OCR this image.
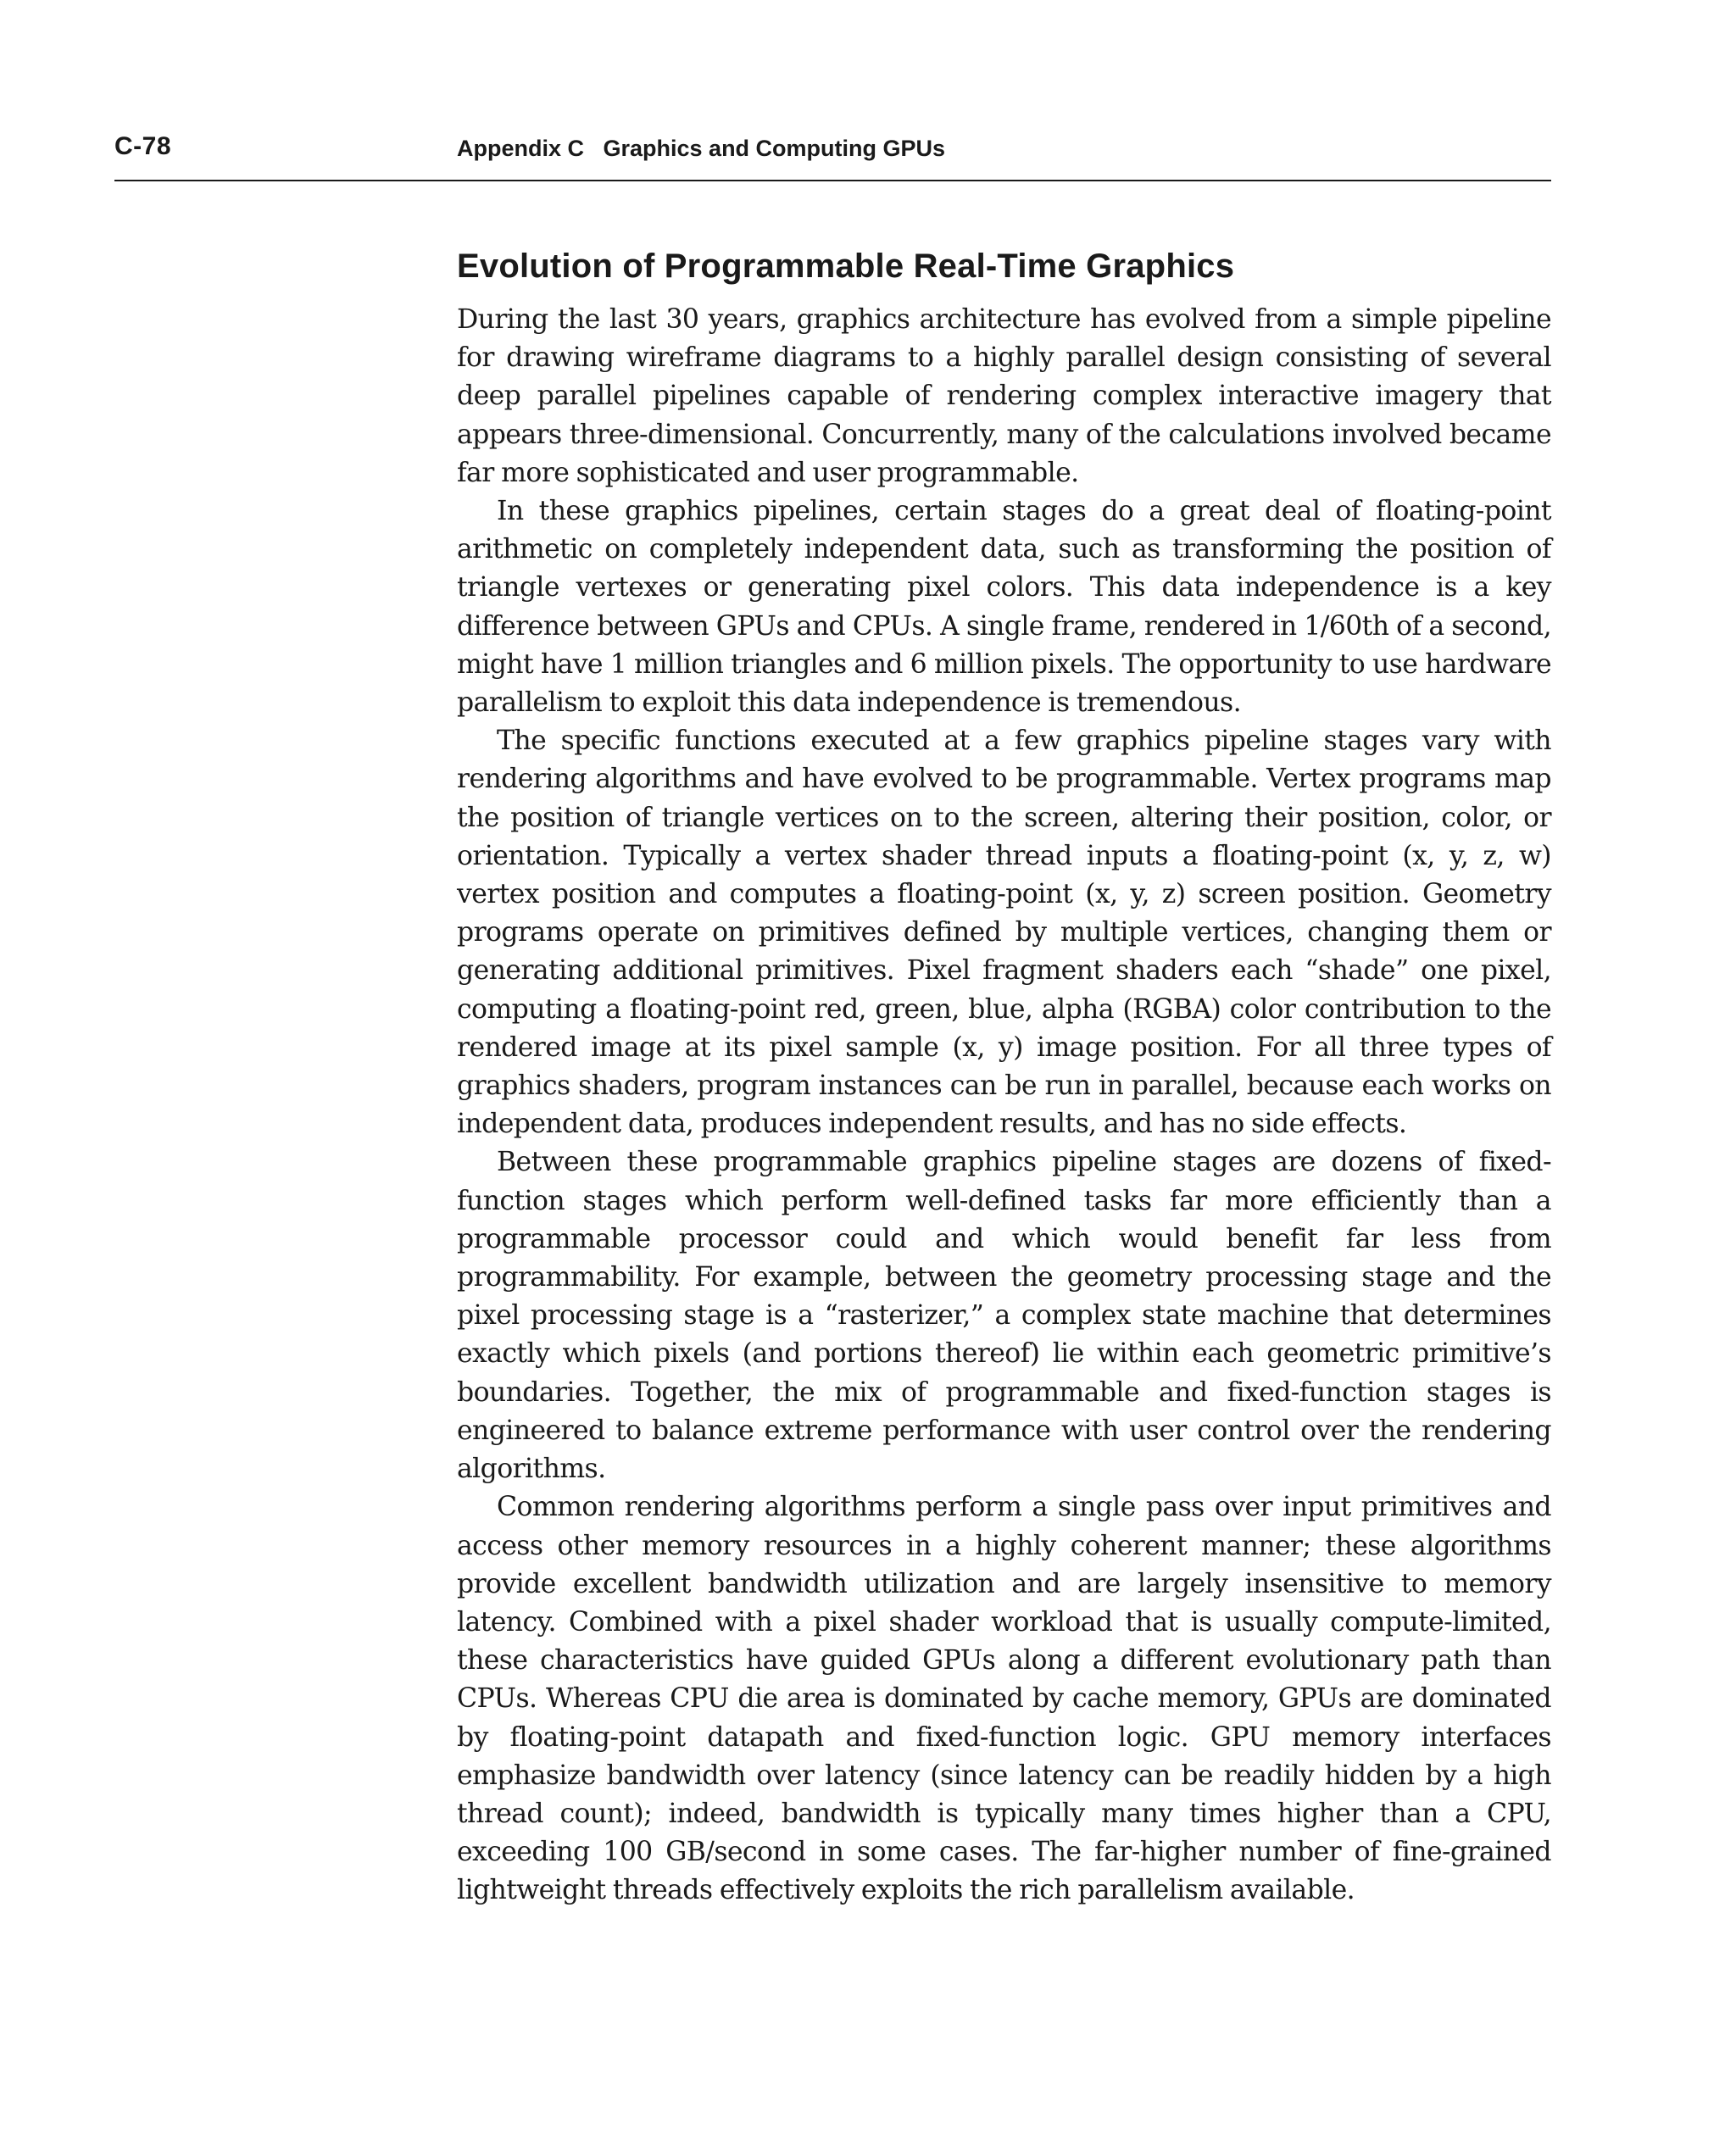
C-78	Appendix C   Graphics and Computing GPUs
Evolution of Programmable Real-Time Graphics

During the last 30 years, graphics architecture has evolved from a simple pipeline for drawing wireframe diagrams to a highly parallel design consisting of several deep parallel pipelines capable of rendering complex interactive imagery that appears three-dimensional. Concurrently, many of the calculations involved became far more sophisticated and user programmable.

In these graphics pipelines, certain stages do a great deal of floating-point arithmetic on completely independent data, such as transforming the position of triangle vertexes or generating pixel colors. This data independence is a key difference between GPUs and CPUs. A single frame, rendered in 1/60th of a second, might have 1 million triangles and 6 million pixels. The opportunity to use hardware parallelism to exploit this data independence is tremendous.

The specific functions executed at a few graphics pipeline stages vary with rendering algorithms and have evolved to be programmable. Vertex programs map the position of triangle vertices on to the screen, altering their position, color, or orientation. Typically a vertex shader thread inputs a floating-point (x, y, z, w) vertex position and computes a floating-point (x, y, z) screen position. Geometry programs operate on primitives defined by multiple vertices, changing them or generating additional primitives. Pixel fragment shaders each “shade” one pixel, computing a floating-point red, green, blue, alpha (RGBA) color contribution to the rendered image at its pixel sample (x, y) image position. For all three types of graphics shaders, program instances can be run in parallel, because each works on independent data, produces independent results, and has no side effects.

Between these programmable graphics pipeline stages are dozens of fixed-function stages which perform well-defined tasks far more efficiently than a programmable processor could and which would benefit far less from programmability. For example, between the geometry processing stage and the pixel processing stage is a “rasterizer,” a complex state machine that determines exactly which pixels (and portions thereof) lie within each geometric primitive’s boundaries. Together, the mix of programmable and fixed-function stages is engineered to balance extreme performance with user control over the rendering algorithms.

Common rendering algorithms perform a single pass over input primitives and access other memory resources in a highly coherent manner; these algorithms provide excellent bandwidth utilization and are largely insensitive to memory latency. Combined with a pixel shader workload that is usually compute-limited, these characteristics have guided GPUs along a different evolutionary path than CPUs. Whereas CPU die area is dominated by cache memory, GPUs are dominated by floating-point datapath and fixed-function logic. GPU memory interfaces emphasize bandwidth over latency (since latency can be readily hidden by a high thread count); indeed, bandwidth is typically many times higher than a CPU, exceeding 100 GB/second in some cases. The far-higher number of fine-grained lightweight threads effectively exploits the rich parallelism available.
